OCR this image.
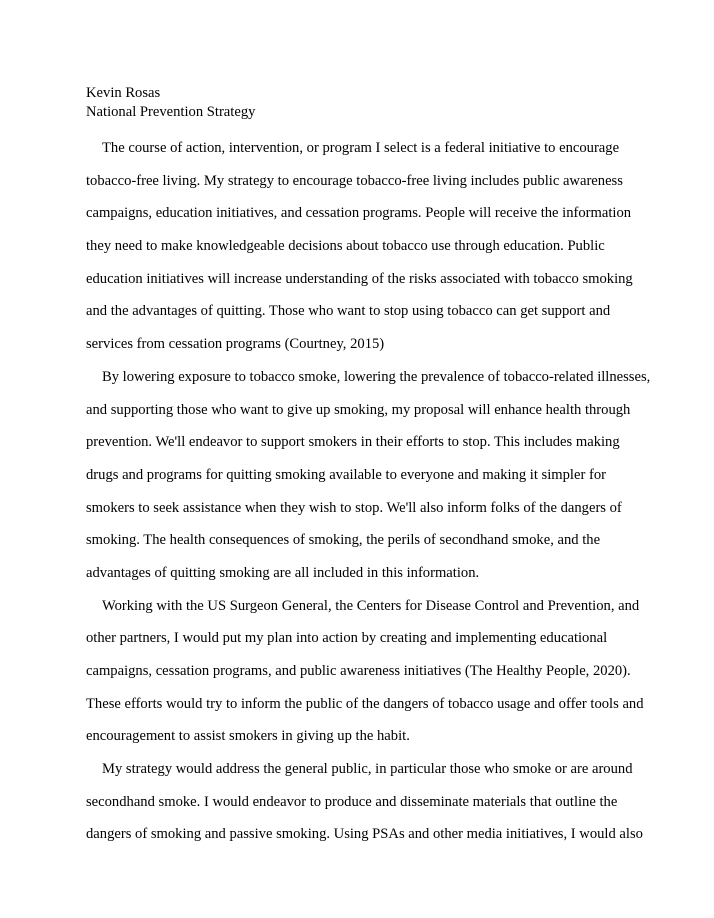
Kevin Rosas

National Prevention Strategy

The course of action, intervention, or program I select is a federal initiative to encourage
tobacco-free living. My strategy to encourage tobacco-free living includes public awareness
campaigns, education initiatives, and cessation programs. People will receive the information
they need to make knowledgeable decisions about tobacco use through education. Public
education initiatives will increase understanding of the risks associated with tobacco smoking
and the advantages of quitting. Those who want to stop using tobacco can get support and
services from cessation programs (Courtney, 2015)
By lowering exposure to tobacco smoke, lowering the prevalence of tobacco-related illnesses,
and supporting those who want to give up smoking, my proposal will enhance health through
prevention. We'll endeavor to support smokers in their efforts to stop. This includes making
drugs and programs for quitting smoking available to everyone and making it simpler for
smokers to seek assistance when they wish to stop. We'll also inform folks of the dangers of
smoking. The health consequences of smoking, the perils of secondhand smoke, and the
advantages of quitting smoking are all included in this information.
Working with the US Surgeon General, the Centers for Disease Control and Prevention, and
other partners, I would put my plan into action by creating and implementing educational
campaigns, cessation programs, and public awareness initiatives (The Healthy People, 2020).
These efforts would try to inform the public of the dangers of tobacco usage and offer tools and
encouragement to assist smokers in giving up the habit.
My strategy would address the general public, in particular those who smoke or are around
secondhand smoke. I would endeavor to produce and disseminate materials that outline the
dangers of smoking and passive smoking. Using PSAs and other media initiatives, I would also
